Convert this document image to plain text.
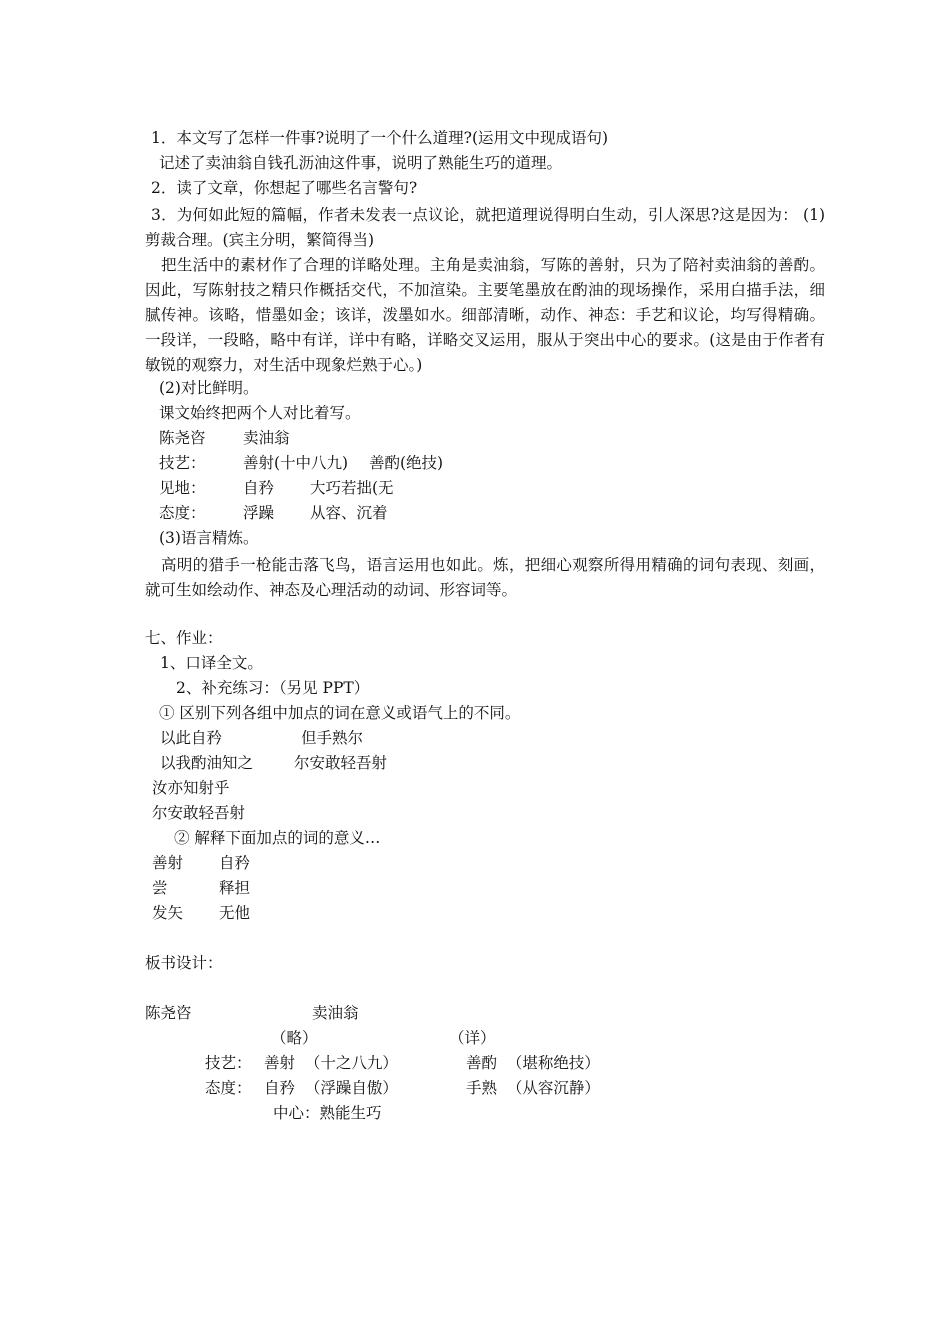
1．本文写了怎样一件事?说明了一个什么道理?(运用文中现成语句)
记述了卖油翁自钱孔沥油这件事，说明了熟能生巧的道理。
2．读了文章，你想起了哪些名言警句?
3．为何如此短的篇幅，作者未发表一点议论，就把道理说得明白生动，引人深思?这是因为： (1)剪裁合理。(宾主分明，繁简得当)
把生活中的素材作了合理的详略处理。主角是卖油翁，写陈的善射，只为了陪衬卖油翁的善酌。因此，写陈射技之精只作概括交代，不加渲染。主要笔墨放在酌油的现场操作，采用白描手法，细腻传神。该略，惜墨如金；该详，泼墨如水。细部清晰，动作、神态：手艺和议论，均写得精确。一段详，一段略，略中有详，详中有略，详略交叉运用，服从于突出中心的要求。(这是由于作者有敏锐的观察力，对生活中现象烂熟于心。)
(2)对比鲜明。
课文始终把两个人对比着写。
陈尧咨 卖油翁
技艺： 善射(十中八九) 善酌(绝技)
见地： 自矜 大巧若拙(无
态度： 浮躁 从容、沉着
(3)语言精炼。
高明的猎手一枪能击落飞鸟，语言运用也如此。炼，把细心观察所得用精确的词句表现、刻画，就可生如绘动作、神态及心理活动的动词、形容词等。
七、作业：
1、口译全文。
2、补充练习：（另见 PPT）
① 区别下列各组中加点的词在意义或语气上的不同。
以此自矜	但手熟尔
以我酌油知之	尔安敢轻吾射
汝亦知射乎
尔安敢轻吾射
② 解释下面加点的词的意义…
善射 自矜
尝	释担
发矢 无他
板书设计：
陈尧咨	卖油翁
（略）	（详）
技艺： 善射  （十之八九）	善酌  （堪称绝技）
态度： 自矜  （浮躁自傲）	手熟  （从容沉静）
中心：熟能生巧
